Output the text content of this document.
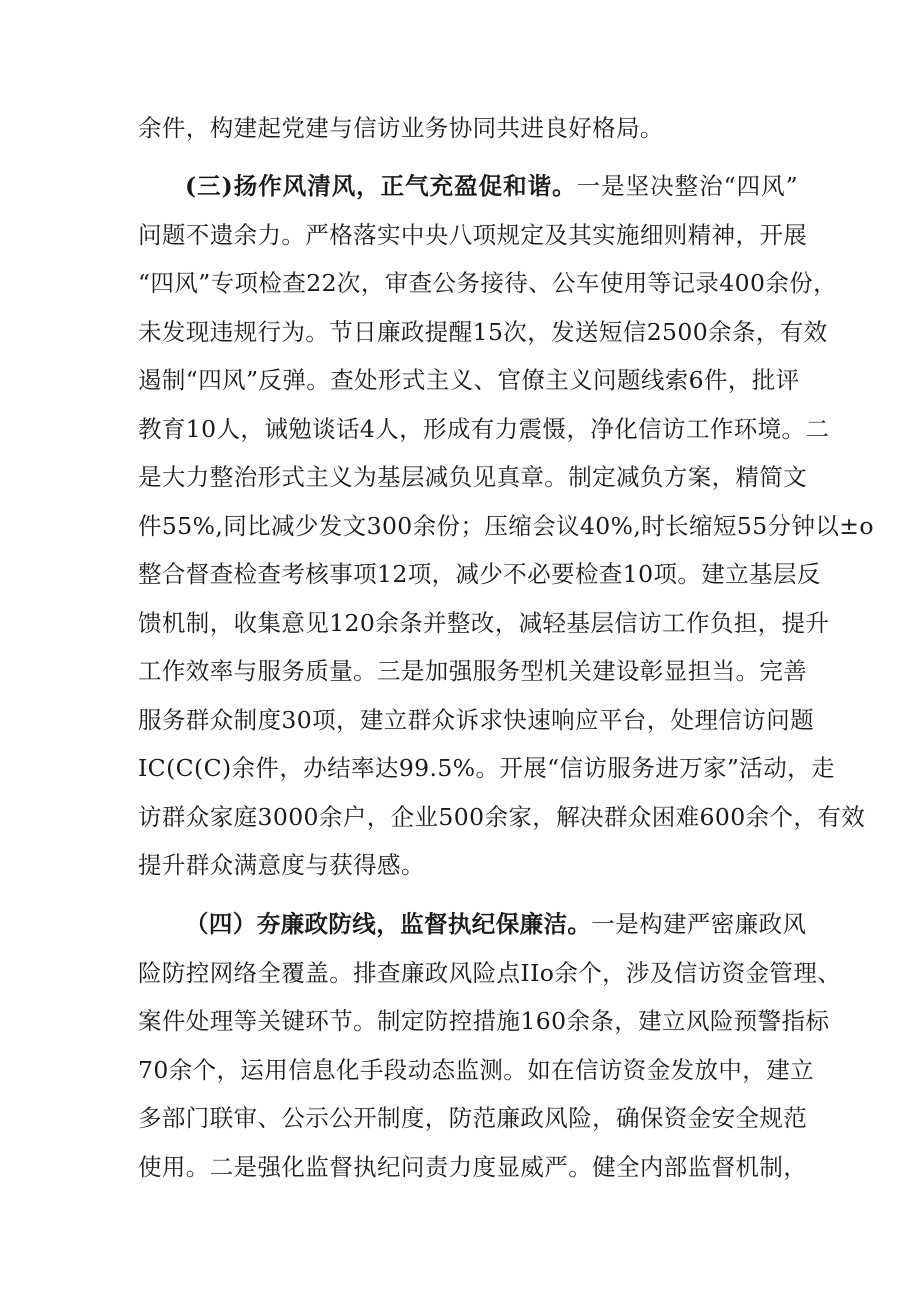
余件，构建起党建与信访业务协同共进良好格局。
(三)扬作风清风，正气充盈促和谐。一是坚决整治“四风”
问题不遗余力。严格落实中央八项规定及其实施细则精神，开展
“四风”专项检查22次，审查公务接待、公车使用等记录400余份，
未发现违规行为。节日廉政提醒15次，发送短信2500余条，有效
遏制“四风”反弹。查处形式主义、官僚主义问题线索6件，批评
教育10人，诫勉谈话4人，形成有力震慑，净化信访工作环境。二
是大力整治形式主义为基层减负见真章。制定减负方案，精简文
件55%,同比减少发文300余份；压缩会议40%,时长缩短55分钟以±o
整合督查检查考核事项12项，减少不必要检查10项。建立基层反
馈机制，收集意见120余条并整改，减轻基层信访工作负担，提升
工作效率与服务质量。三是加强服务型机关建设彰显担当。完善
服务群众制度30项，建立群众诉求快速响应平台，处理信访问题
IC(C(C)余件，办结率达99.5%。开展“信访服务进万家”活动，走
访群众家庭3000余户，企业500余家，解决群众困难600余个，有效
提升群众满意度与获得感。
（四）夯廉政防线，监督执纪保廉洁。一是构建严密廉政风
险防控网络全覆盖。排查廉政风险点IIo余个，涉及信访资金管理、
案件处理等关键环节。制定防控措施160余条，建立风险预警指标
70余个，运用信息化手段动态监测。如在信访资金发放中，建立
多部门联审、公示公开制度，防范廉政风险，确保资金安全规范
使用。二是强化监督执纪问责力度显威严。健全内部监督机制，
